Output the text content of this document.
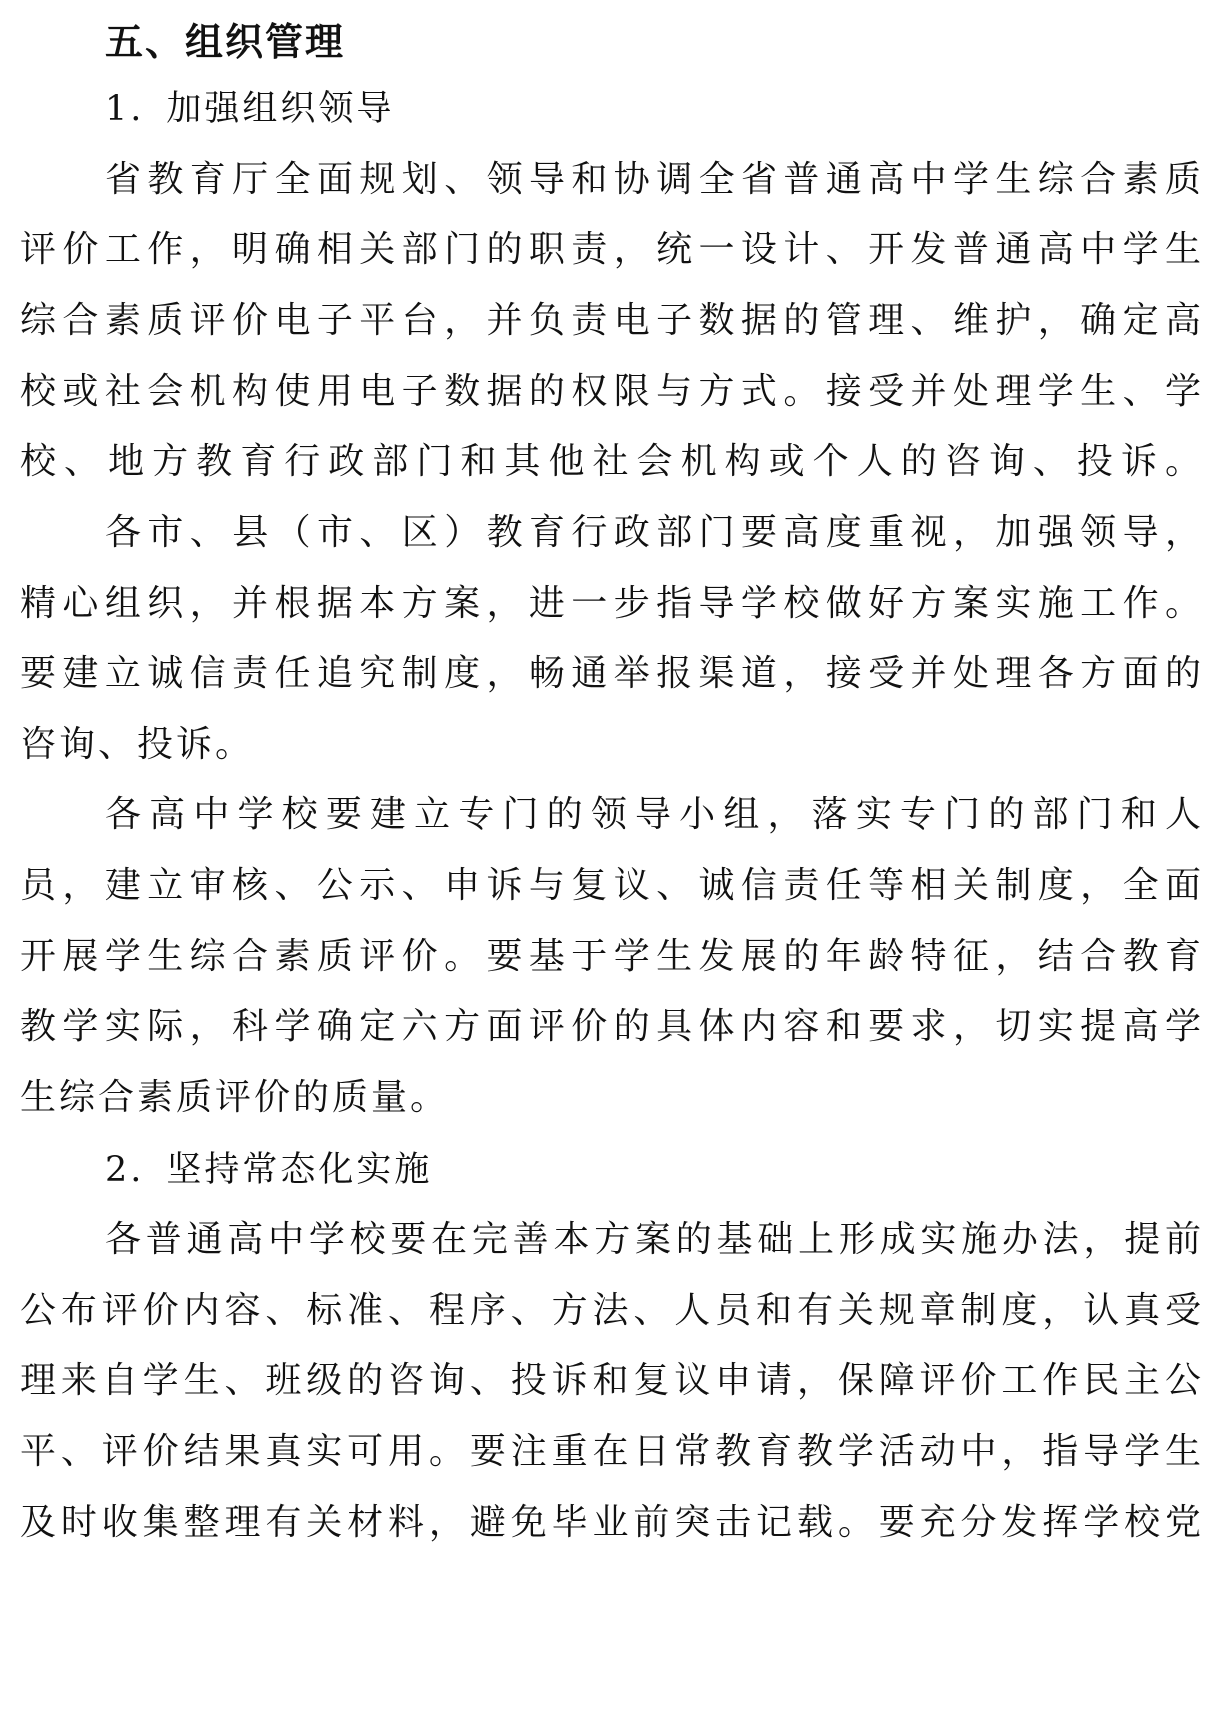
五、组织管理
1. 加强组织领导
省教育厅全面规划、领导和协调全省普通高中学生综合素质
评价工作，明确相关部门的职责，统一设计、开发普通高中学生
综合素质评价电子平台，并负责电子数据的管理、维护，确定高
校或社会机构使用电子数据的权限与方式。接受并处理学生、学
校、地方教育行政部门和其他社会机构或个人的咨询、投诉。
各市、县（市、区）教育行政部门要高度重视，加强领导，
精心组织，并根据本方案，进一步指导学校做好方案实施工作。
要建立诚信责任追究制度，畅通举报渠道，接受并处理各方面的
咨询、投诉。
各高中学校要建立专门的领导小组，落实专门的部门和人
员，建立审核、公示、申诉与复议、诚信责任等相关制度，全面
开展学生综合素质评价。要基于学生发展的年龄特征，结合教育
教学实际，科学确定六方面评价的具体内容和要求，切实提高学
生综合素质评价的质量。
2. 坚持常态化实施
各普通高中学校要在完善本方案的基础上形成实施办法，提前
公布评价内容、标准、程序、方法、人员和有关规章制度，认真受
理来自学生、班级的咨询、投诉和复议申请，保障评价工作民主公
平、评价结果真实可用。要注重在日常教育教学活动中，指导学生
及时收集整理有关材料，避免毕业前突击记载。要充分发挥学校党
